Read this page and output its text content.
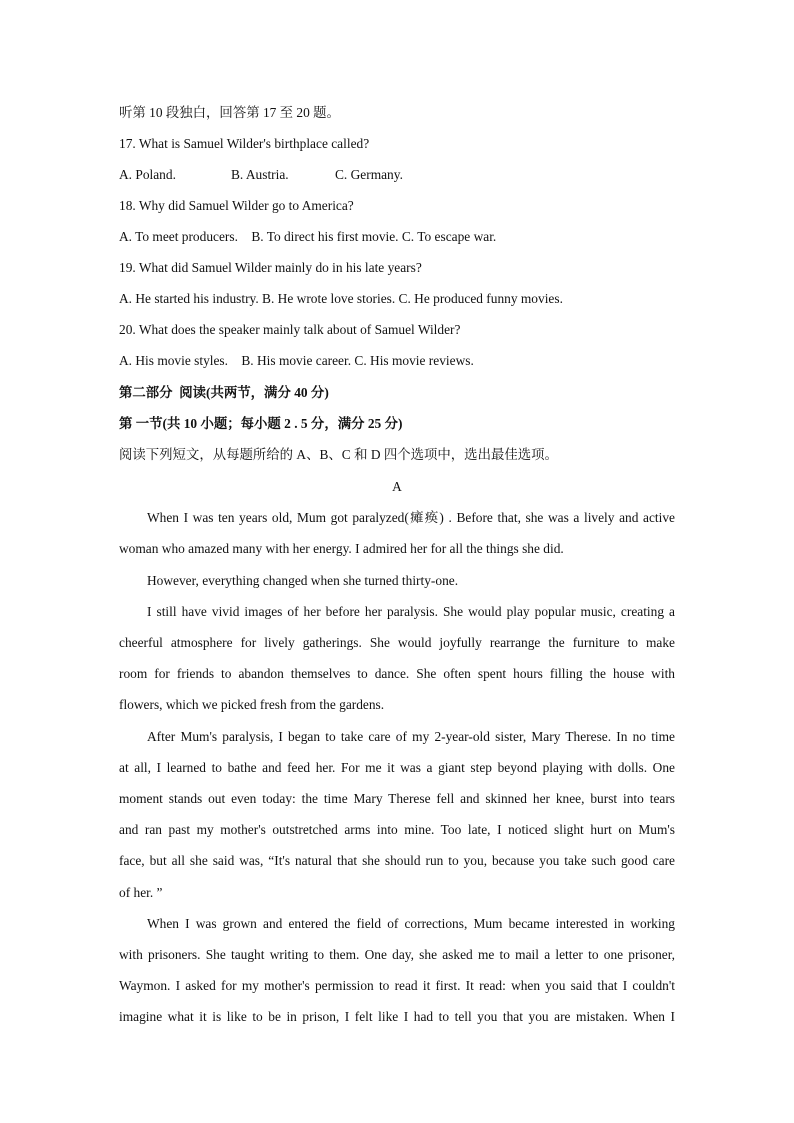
听第 10 段独白，回答第 17 至 20 题。
17. What is Samuel Wilder's birthplace called?
A. Poland.	B. Austria.	C. Germany.
18. Why did Samuel Wilder go to America?
A. To meet producers.    B. To direct his first movie. C. To escape war.
19. What did Samuel Wilder mainly do in his late years?
A. He started his industry. B. He wrote love stories. C. He produced funny movies.
20. What does the speaker mainly talk about of Samuel Wilder?
A. His movie styles.    B. His movie career. C. His movie reviews.
第二部分  阅读(共两节，满分 40 分)
第 一节(共 10 小题；每小题 2 . 5 分，满分 25 分)
阅读下列短文，从每题所给的 A、B、C 和 D 四个选项中，选出最佳选项。
A
When I was ten years old, Mum got paralyzed(瘫痪) . Before that, she was a lively and active
woman who amazed many with her energy. I admired her for all the things she did.
However, everything changed when she turned thirty-one.
I still have vivid images of her before her paralysis. She would play popular music, creating a
cheerful atmosphere for lively gatherings. She would joyfully rearrange the furniture to make
room for friends to abandon themselves to dance. She often spent hours filling the house with
flowers, which we picked fresh from the gardens.
After Mum's paralysis, I began to take care of my 2-year-old sister, Mary Therese. In no time
at all, I learned to bathe and feed her. For me it was a giant step beyond playing with dolls. One
moment stands out even today: the time Mary Therese fell and skinned her knee, burst into tears
and ran past my mother's outstretched arms into mine. Too late, I noticed slight hurt on Mum's
face, but all she said was, “It's natural that she should run to you, because you take such good care
of her. ”
When I was grown and entered the field of corrections, Mum became interested in working
with prisoners. She taught writing to them. One day, she asked me to mail a letter to one prisoner,
Waymon. I asked for my mother's permission to read it first. It read: when you said that I couldn't
imagine what it is like to be in prison, I felt like I had to tell you that you are mistaken. When I
